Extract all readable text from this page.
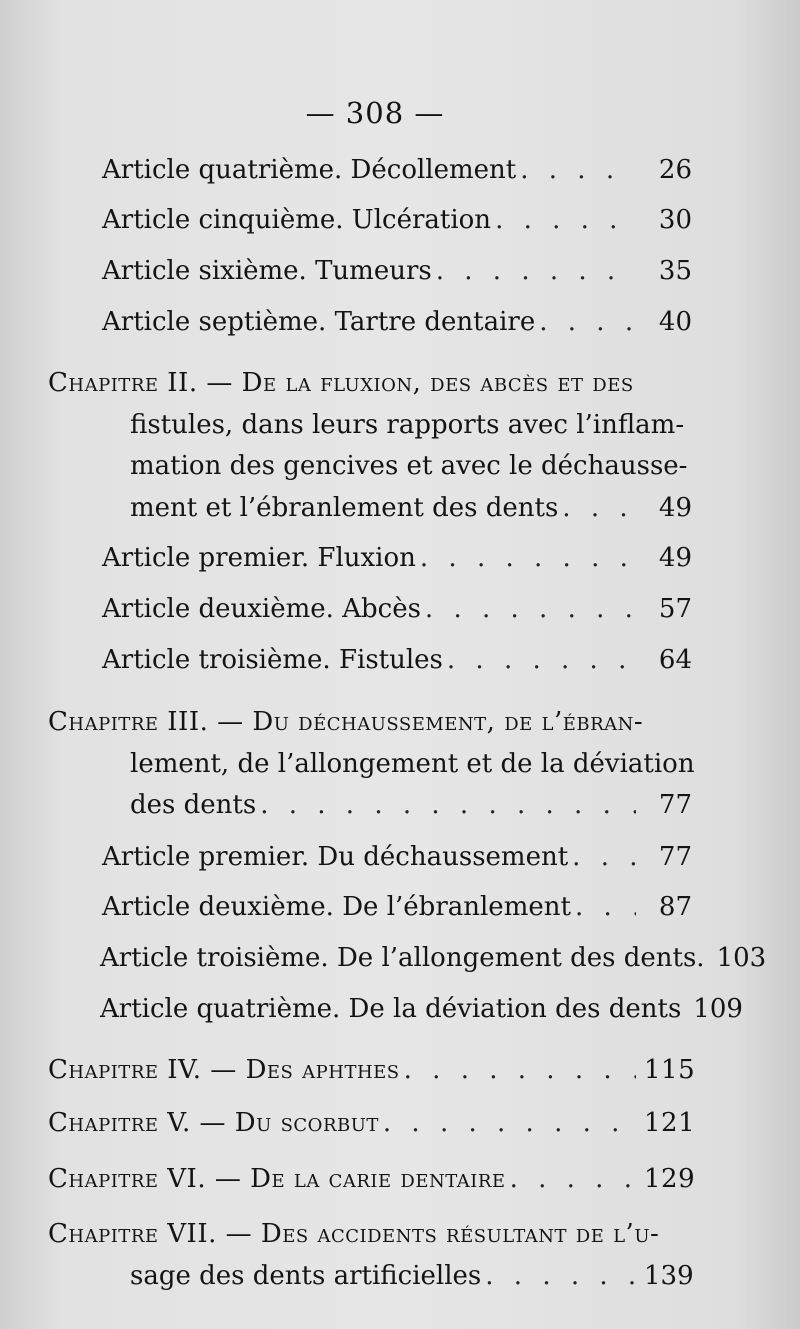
— 308 —
Article quatrième. Décollement . . .	26
Article cinquième. Ulcération . . .	30
Article sixième. Tumeurs . . .	35
Article septième. Tartre dentaire . . .	40
Chapitre II. — De la fluxion, des abcès et des
fistules, dans leurs rapports avec l’inflam-
mation des gencives et avec le déchausse-
ment et l’ébranlement des dents . . .	49
Article premier. Fluxion . . .	49
Article deuxième. Abcès . . .	57
Article troisième. Fistules . . .	64
Chapitre III. — Du déchaussement, de l’ébran-
lement, de l’allongement et de la déviation
des dents . . .	77
Article premier. Du déchaussement . . .	77
Article deuxième. De l’ébranlement . . .	87
Article troisième. De l’allongement des dents. 103
Article quatrième. De la déviation des dents 109
Chapitre IV. — Des aphthes . . .	115
Chapitre V. — Du scorbut . . .	121
Chapitre VI. — De la carie dentaire . . .	129
Chapitre VII. — Des accidents résultant de l’u-
sage des dents artificielles . . .	139
